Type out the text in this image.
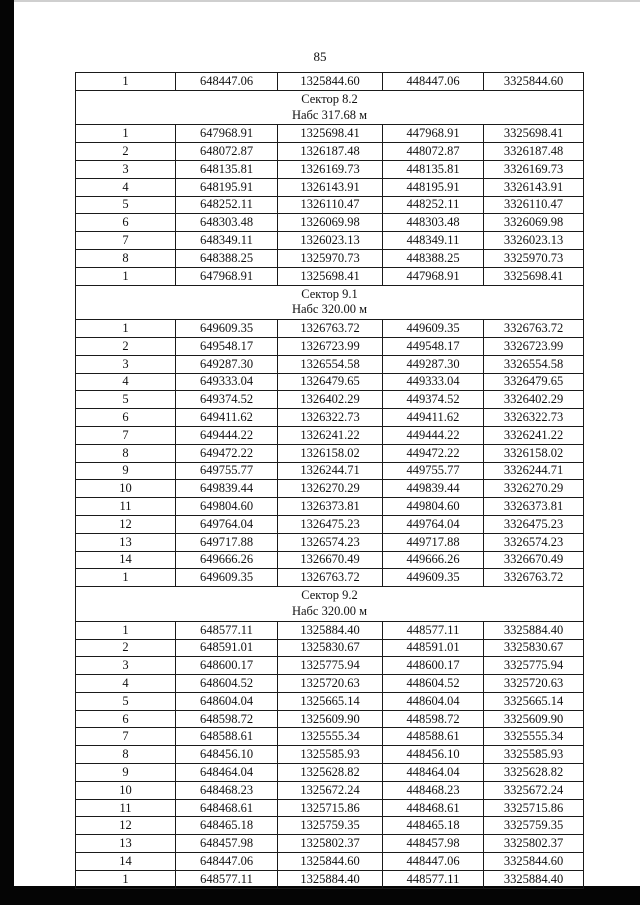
85
1	648447.06	1325844.60	448447.06	3325844.60

Сектор 8.2
Набс 317.68 м				

1	647968.91	1325698.41	447968.91	3325698.41
2	648072.87	1326187.48	448072.87	3326187.48
3	648135.81	1326169.73	448135.81	3326169.73
4	648195.91	1326143.91	448195.91	3326143.91
5	648252.11	1326110.47	448252.11	3326110.47
6	648303.48	1326069.98	448303.48	3326069.98
7	648349.11	1326023.13	448349.11	3326023.13
8	648388.25	1325970.73	448388.25	3325970.73
1	647968.91	1325698.41	447968.91	3325698.41

Сектор 9.1
Набс 320.00 м				

1	649609.35	1326763.72	449609.35	3326763.72
2	649548.17	1326723.99	449548.17	3326723.99
3	649287.30	1326554.58	449287.30	3326554.58
4	649333.04	1326479.65	449333.04	3326479.65
5	649374.52	1326402.29	449374.52	3326402.29
6	649411.62	1326322.73	449411.62	3326322.73
7	649444.22	1326241.22	449444.22	3326241.22
8	649472.22	1326158.02	449472.22	3326158.02
9	649755.77	1326244.71	449755.77	3326244.71
10	649839.44	1326270.29	449839.44	3326270.29
11	649804.60	1326373.81	449804.60	3326373.81
12	649764.04	1326475.23	449764.04	3326475.23
13	649717.88	1326574.23	449717.88	3326574.23
14	649666.26	1326670.49	449666.26	3326670.49
1	649609.35	1326763.72	449609.35	3326763.72

Сектор 9.2
Набс 320.00 м				

1	648577.11	1325884.40	448577.11	3325884.40
2	648591.01	1325830.67	448591.01	3325830.67
3	648600.17	1325775.94	448600.17	3325775.94
4	648604.52	1325720.63	448604.52	3325720.63
5	648604.04	1325665.14	448604.04	3325665.14
6	648598.72	1325609.90	448598.72	3325609.90
7	648588.61	1325555.34	448588.61	3325555.34
8	648456.10	1325585.93	448456.10	3325585.93
9	648464.04	1325628.82	448464.04	3325628.82
10	648468.23	1325672.24	448468.23	3325672.24
11	648468.61	1325715.86	448468.61	3325715.86
12	648465.18	1325759.35	448465.18	3325759.35
13	648457.98	1325802.37	448457.98	3325802.37
14	648447.06	1325844.60	448447.06	3325844.60
1	648577.11	1325884.40	448577.11	3325884.40
